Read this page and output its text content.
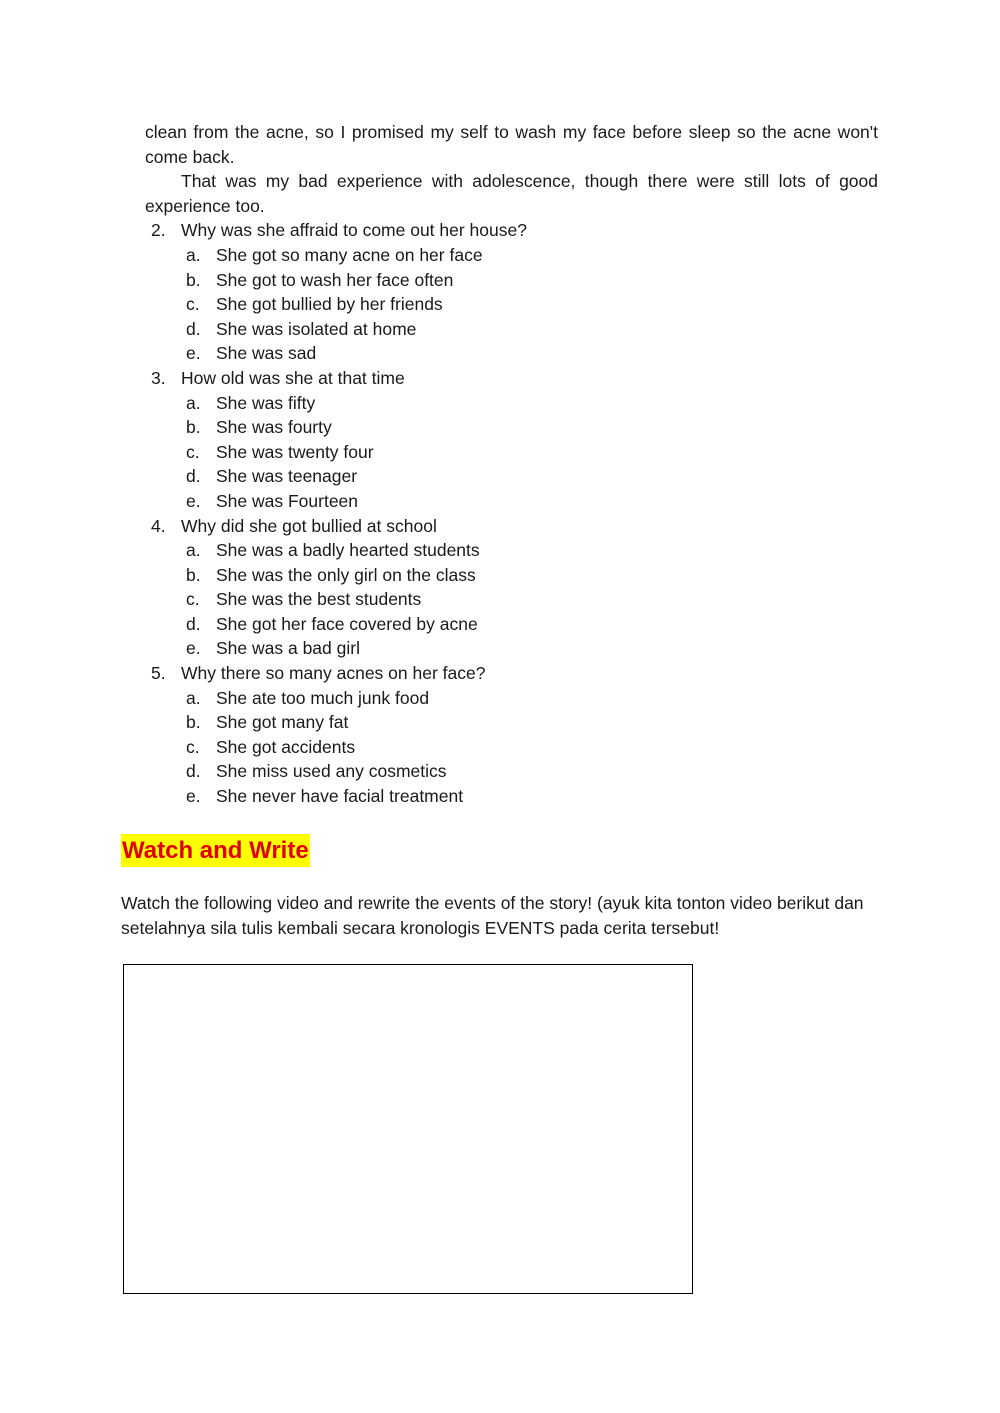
clean from the acne, so I promised my self to wash my face before sleep so the acne won't come back.

That was my bad experience with adolescence, though there were still lots of good experience too.

2. Why was she affraid to come out her house?
a. She got so many acne on her face
b. She got to wash her face often
c. She got bullied by her friends
d. She was isolated at home
e. She was sad
3. How old was she at that time
a. She was fifty
b. She was fourty
c. She was twenty four
d. She was teenager
e. She was Fourteen
4. Why did she got bullied at school
a. She was a badly hearted students
b. She was the only girl on the class
c. She was the best students
d. She got her face covered by acne
e. She was a bad girl
5. Why there so many acnes on her face?
a. She ate too much junk food
b. She got many fat
c. She got accidents
d. She miss used any cosmetics
e. She never have facial treatment
Watch and Write

Watch the following video and rewrite the events of the story! (ayuk kita tonton video berikut dan setelahnya sila tulis kembali secara kronologis EVENTS pada cerita tersebut!
